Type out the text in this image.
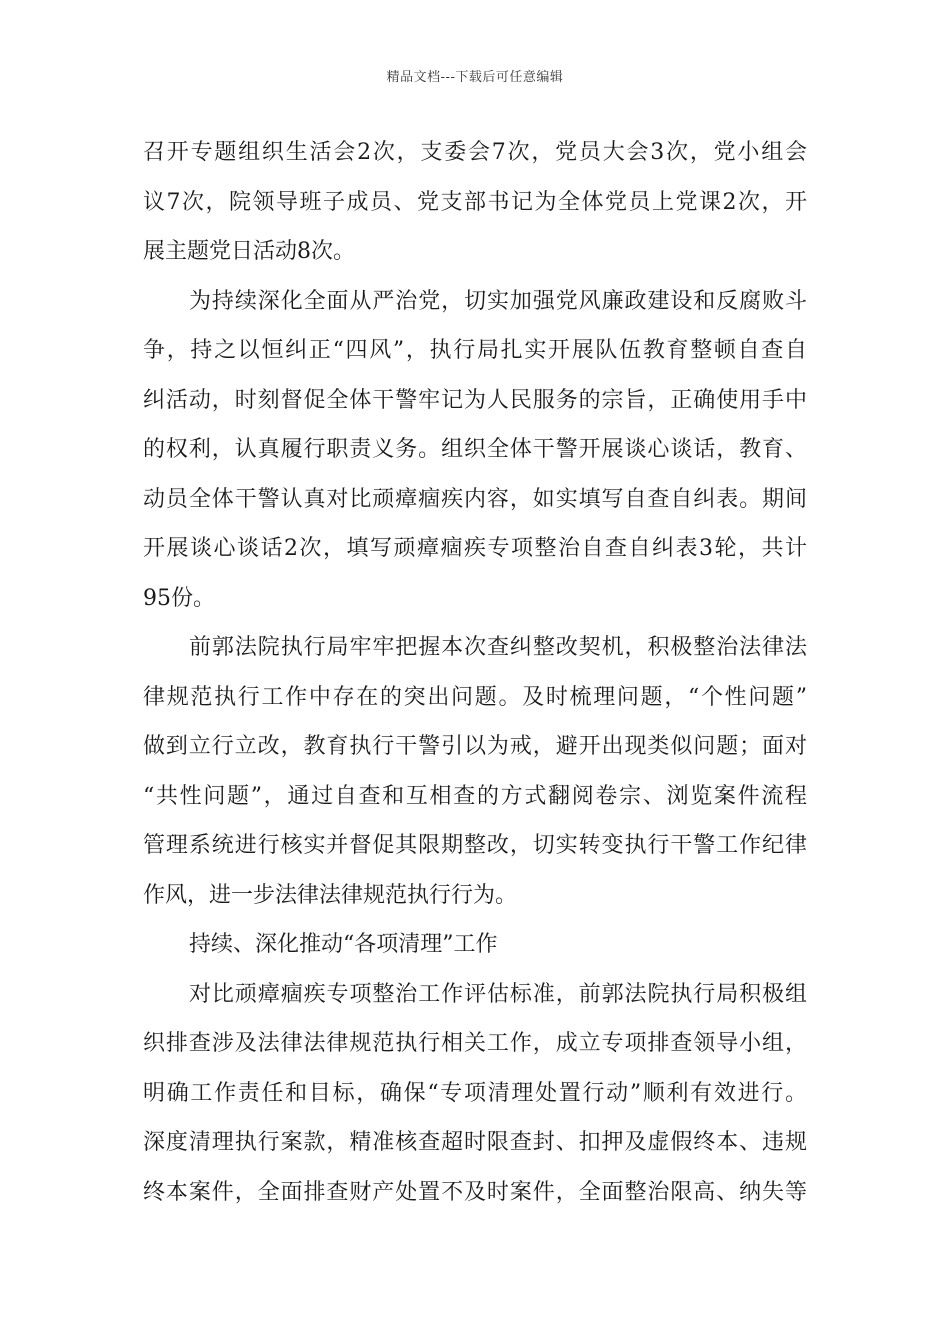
精品文档---下载后可任意编辑
召开专题组织生活会2次，支委会7次，党员大会3次，党小组会
议7次，院领导班子成员、党支部书记为全体党员上党课2次，开
展主题党日活动8次。
为持续深化全面从严治党，切实加强党风廉政建设和反腐败斗
争，持之以恒纠正“四风”，执行局扎实开展队伍教育整顿自查自
纠活动，时刻督促全体干警牢记为人民服务的宗旨，正确使用手中
的权利，认真履行职责义务。组织全体干警开展谈心谈话，教育、
动员全体干警认真对比顽瘴痼疾内容，如实填写自查自纠表。期间
开展谈心谈话2次，填写顽瘴痼疾专项整治自查自纠表3轮，共计
95份。
前郭法院执行局牢牢把握本次查纠整改契机，积极整治法律法
律规范执行工作中存在的突出问题。及时梳理问题，“个性问题”
做到立行立改，教育执行干警引以为戒，避开出现类似问题；面对
“共性问题”，通过自查和互相查的方式翻阅卷宗、浏览案件流程
管理系统进行核实并督促其限期整改，切实转变执行干警工作纪律
作风，进一步法律法律规范执行行为。
持续、深化推动“各项清理”工作
对比顽瘴痼疾专项整治工作评估标准，前郭法院执行局积极组
织排查涉及法律法律规范执行相关工作，成立专项排查领导小组，
明确工作责任和目标，确保“专项清理处置行动”顺利有效进行。
深度清理执行案款，精准核查超时限查封、扣押及虚假终本、违规
终本案件，全面排查财产处置不及时案件，全面整治限高、纳失等
